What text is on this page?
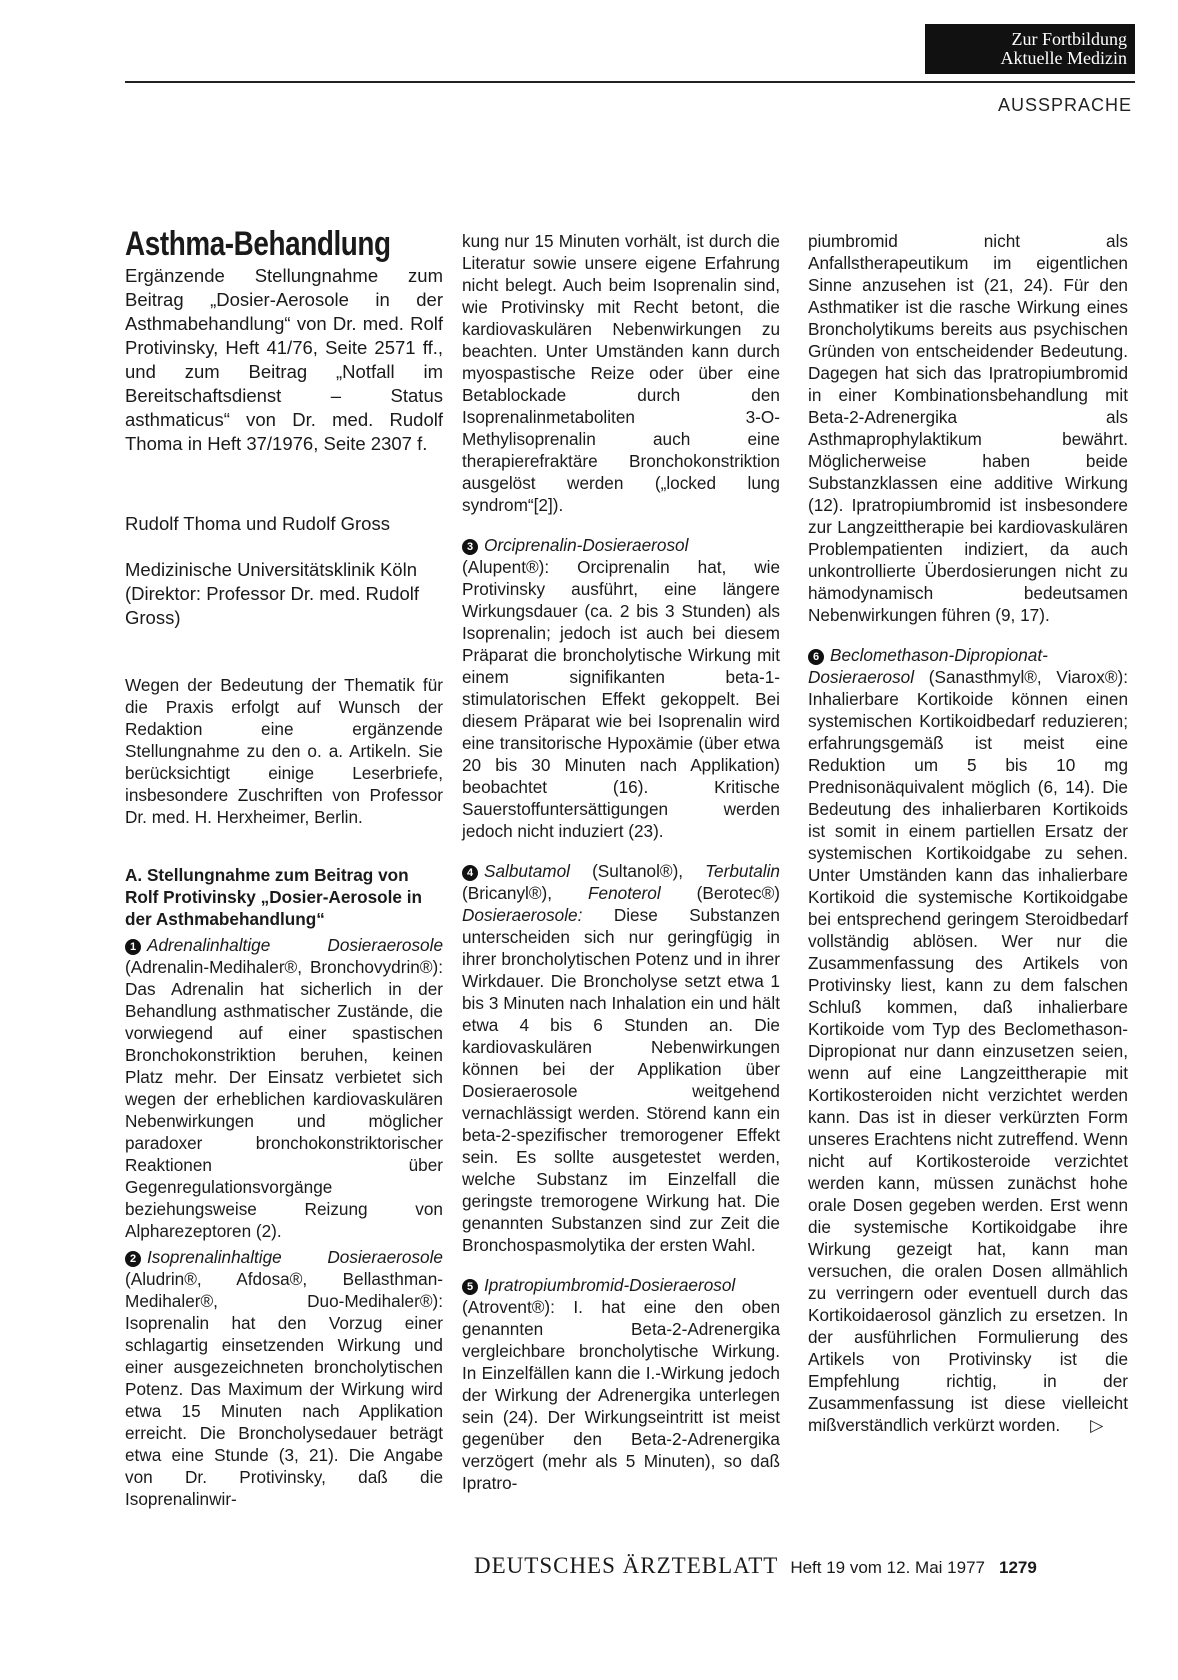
Zur Fortbildung
Aktuelle Medizin
AUSSPRACHE

Asthma-Behandlung

Ergänzende Stellungnahme zum Beitrag „Dosier-Aerosole in der Asthmabehandlung“ von Dr. med. Rolf Protivinsky, Heft 41/76, Seite 2571 ff., und zum Beitrag „Notfall im Bereitschaftsdienst – Status asthmaticus“ von Dr. med. Rudolf Thoma in Heft 37/1976, Seite 2307 f.

Rudolf Thoma und Rudolf Gross

Medizinische Universitätsklinik Köln (Direktor: Professor Dr. med. Rudolf Gross)

Wegen der Bedeutung der Thematik für die Praxis erfolgt auf Wunsch der Redaktion eine ergänzende Stellungnahme zu den o. a. Artikeln. Sie berücksichtigt einige Leserbriefe, insbesondere Zuschriften von Professor Dr. med. H. Herxheimer, Berlin.

A. Stellungnahme zum Beitrag von Rolf Protivinsky „Dosier-Aerosole in der Asthmabehandlung“

1 Adrenalinhaltige Dosieraerosole (Adrenalin-Medihaler®, Bronchovydrin®): Das Adrenalin hat sicherlich in der Behandlung asthmatischer Zustände, die vorwiegend auf einer spastischen Bronchokonstriktion beruhen, keinen Platz mehr. Der Einsatz verbietet sich wegen der erheblichen kardiovaskulären Nebenwirkungen und möglicher paradoxer bronchokonstriktorischer Reaktionen über Gegenregulationsvorgänge beziehungsweise Reizung von Alpharezeptoren (2).

2 Isoprenalinhaltige Dosieraerosole (Aludrin®, Afdosa®, Bellasthman-Medihaler®, Duo-Medihaler®): Isoprenalin hat den Vorzug einer schlagartig einsetzenden Wirkung und einer ausgezeichneten broncholytischen Potenz. Das Maximum der Wirkung wird etwa 15 Minuten nach Applikation erreicht. Die Broncholysedauer beträgt etwa eine Stunde (3, 21). Die Angabe von Dr. Protivinsky, daß die Isoprenalinwir-

kung nur 15 Minuten vorhält, ist durch die Literatur sowie unsere eigene Erfahrung nicht belegt. Auch beim Isoprenalin sind, wie Protivinsky mit Recht betont, die kardiovaskulären Nebenwirkungen zu beachten. Unter Umständen kann durch myospastische Reize oder über eine Betablockade durch den Isoprenalinmetaboliten 3-O-Methylisoprenalin auch eine therapierefraktäre Bronchokonstriktion ausgelöst werden („locked lung syndrom“[2]).

3 Orciprenalin-Dosieraerosol (Alupent®): Orciprenalin hat, wie Protivinsky ausführt, eine längere Wirkungsdauer (ca. 2 bis 3 Stunden) als Isoprenalin; jedoch ist auch bei diesem Präparat die broncholytische Wirkung mit einem signifikanten beta-1-stimulatorischen Effekt gekoppelt. Bei diesem Präparat wie bei Isoprenalin wird eine transitorische Hypoxämie (über etwa 20 bis 30 Minuten nach Applikation) beobachtet (16). Kritische Sauerstoffuntersättigungen werden jedoch nicht induziert (23).

4 Salbutamol (Sultanol®), Terbutalin (Bricanyl®), Fenoterol (Berotec®) Dosieraerosole: Diese Substanzen unterscheiden sich nur geringfügig in ihrer broncholytischen Potenz und in ihrer Wirkdauer. Die Broncholyse setzt etwa 1 bis 3 Minuten nach Inhalation ein und hält etwa 4 bis 6 Stunden an. Die kardiovaskulären Nebenwirkungen können bei der Applikation über Dosieraerosole weitgehend vernachlässigt werden. Störend kann ein beta-2-spezifischer tremorogener Effekt sein. Es sollte ausgetestet werden, welche Substanz im Einzelfall die geringste tremorogene Wirkung hat. Die genannten Substanzen sind zur Zeit die Bronchospasmolytika der ersten Wahl.

5 Ipratropiumbromid-Dosieraerosol (Atrovent®): I. hat eine den oben genannten Beta-2-Adrenergika vergleichbare broncholytische Wirkung. In Einzelfällen kann die I.-Wirkung jedoch der Wirkung der Adrenergika unterlegen sein (24). Der Wirkungseintritt ist meist gegenüber den Beta-2-Adrenergika verzögert (mehr als 5 Minuten), so daß Ipratro-

piumbromid nicht als Anfallstherapeutikum im eigentlichen Sinne anzusehen ist (21, 24). Für den Asthmatiker ist die rasche Wirkung eines Broncholytikums bereits aus psychischen Gründen von entscheidender Bedeutung. Dagegen hat sich das Ipratropiumbromid in einer Kombinationsbehandlung mit Beta-2-Adrenergika als Asthmaprophylaktikum bewährt. Möglicherweise haben beide Substanzklassen eine additive Wirkung (12). Ipratropiumbromid ist insbesondere zur Langzeittherapie bei kardiovaskulären Problempatienten indiziert, da auch unkontrollierte Überdosierungen nicht zu hämodynamisch bedeutsamen Nebenwirkungen führen (9, 17).

6 Beclomethason-Dipropionat-Dosieraerosol (Sanasthmyl®, Viarox®): Inhalierbare Kortikoide können einen systemischen Kortikoidbedarf reduzieren; erfahrungsgemäß ist meist eine Reduktion um 5 bis 10 mg Prednisonäquivalent möglich (6, 14). Die Bedeutung des inhalierbaren Kortikoids ist somit in einem partiellen Ersatz der systemischen Kortikoidgabe zu sehen. Unter Umständen kann das inhalierbare Kortikoid die systemische Kortikoidgabe bei entsprechend geringem Steroidbedarf vollständig ablösen. Wer nur die Zusammenfassung des Artikels von Protivinsky liest, kann zu dem falschen Schluß kommen, daß inhalierbare Kortikoide vom Typ des Beclomethason-Dipropionat nur dann einzusetzen seien, wenn auf eine Langzeittherapie mit Kortikosteroiden nicht verzichtet werden kann. Das ist in dieser verkürzten Form unseres Erachtens nicht zutreffend. Wenn nicht auf Kortikosteroide verzichtet werden kann, müssen zunächst hohe orale Dosen gegeben werden. Erst wenn die systemische Kortikoidgabe ihre Wirkung gezeigt hat, kann man versuchen, die oralen Dosen allmählich zu verringern oder eventuell durch das Kortikoidaerosol gänzlich zu ersetzen. In der ausführlichen Formulierung des Artikels von Protivinsky ist die Empfehlung richtig, in der Zusammenfassung ist diese vielleicht mißverständlich verkürzt worden. ▷

DEUTSCHES ÄRZTEBLATT Heft 19 vom 12. Mai 1977 1279
